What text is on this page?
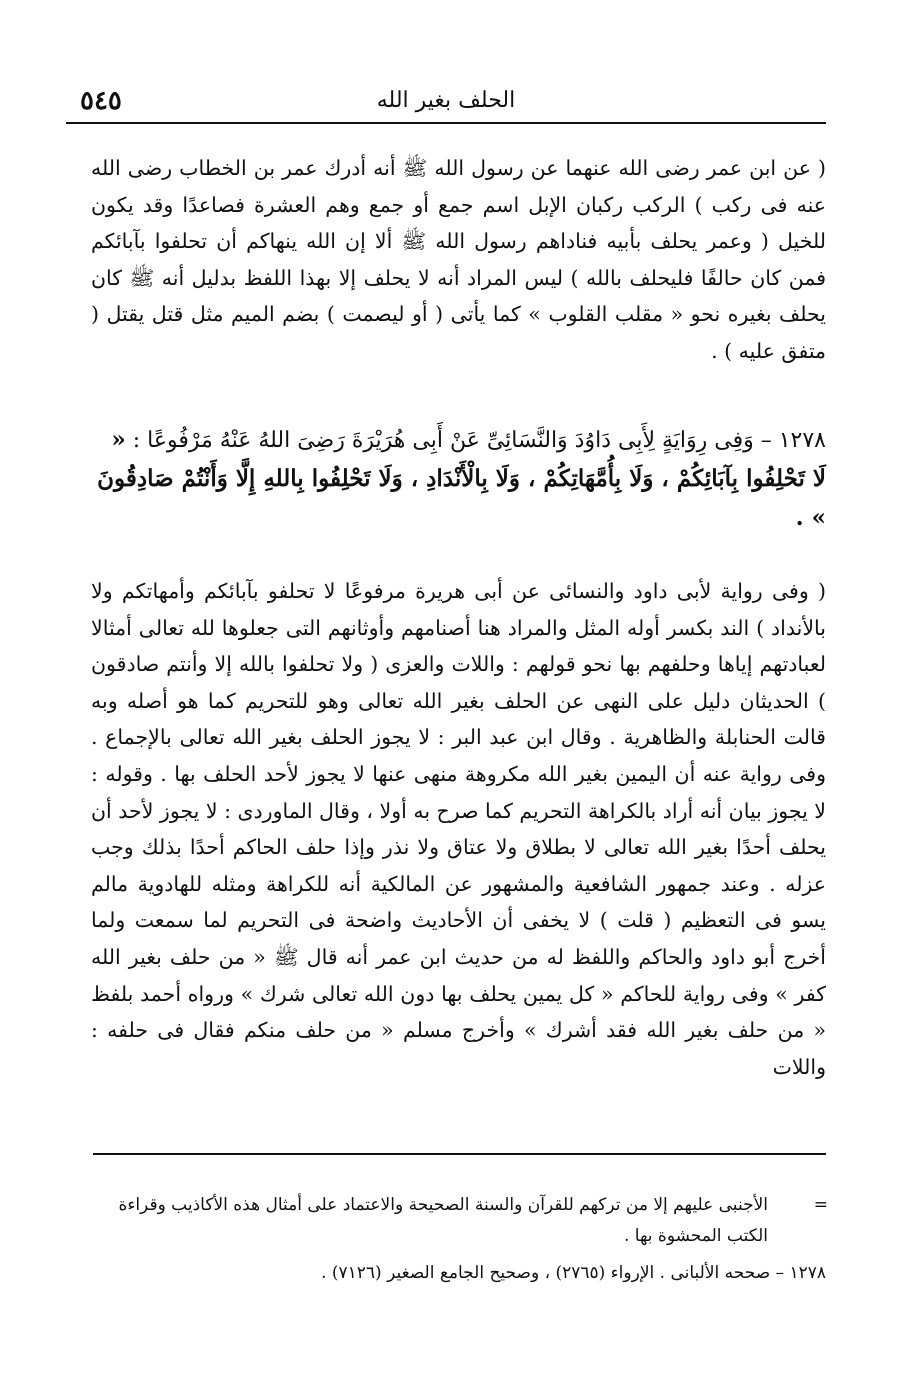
٥٤٥	الحلف بغير الله
( عن ابن عمر رضى الله عنهما عن رسول الله ﷺ أنه أدرك عمر بن الخطاب رضى الله عنه فى ركب ) الركب ركبان الإبل اسم جمع أو جمع وهم العشرة فصاعدًا وقد يكون للخيل ( وعمر يحلف بأبيه فناداهم رسول الله ﷺ ألا إن الله ينهاكم أن تحلفوا بآبائكم فمن كان حالفًا فليحلف بالله ) ليس المراد أنه لا يحلف إلا بهذا اللفظ بدليل أنه ﷺ كان يحلف بغيره نحو « مقلب القلوب » كما يأتى ( أو ليصمت ) بضم الميم مثل قتل يقتل ( متفق عليه ) .
١٢٧٨ – وَفِى رِوَايَةٍ لِأَبِى دَاوُدَ وَالنَّسَائِىِّ عَنْ أَبِى هُرَيْرَةَ رَضِىَ اللهُ عَنْهُ مَرْفُوعًا : « لَا تَحْلِفُوا بِآبَائِكُمْ ، وَلَا بِأُمَّهَاتِكُمْ ، وَلَا بِالْأَنْدَادِ ، وَلَا تَحْلِفُوا بِاللهِ إِلَّا وَأَنْتُمْ صَادِقُونَ » .
( وفى رواية لأبى داود والنسائى عن أبى هريرة مرفوعًا لا تحلفو بآبائكم وأمهاتكم ولا بالأنداد ) الند بكسر أوله المثل والمراد هنا أصنامهم وأوثانهم التى جعلوها لله تعالى أمثالا لعبادتهم إياها وحلفهم بها نحو قولهم : واللات والعزى ( ولا تحلفوا بالله إلا وأنتم صادقون ) الحديثان دليل على النهى عن الحلف بغير الله تعالى وهو للتحريم كما هو أصله وبه قالت الحنابلة والظاهرية . وقال ابن عبد البر : لا يجوز الحلف بغير الله تعالى بالإجماع . وفى رواية عنه أن اليمين بغير الله مكروهة منهى عنها لا يجوز لأحد الحلف بها . وقوله : لا يجوز بيان أنه أراد بالكراهة التحريم كما صرح به أولا ، وقال الماوردى : لا يجوز لأحد أن يحلف أحدًا بغير الله تعالى لا بطلاق ولا عتاق ولا نذر وإذا حلف الحاكم أحدًا بذلك وجب عزله . وعند جمهور الشافعية والمشهور عن المالكية أنه للكراهة ومثله للهادوية مالم يسو فى التعظيم ( قلت ) لا يخفى أن الأحاديث واضحة فى التحريم لما سمعت ولما أخرج أبو داود والحاكم واللفظ له من حديث ابن عمر أنه قال ﷺ « من حلف بغير الله كفر » وفى رواية للحاكم « كل يمين يحلف بها دون الله تعالى شرك » ورواه أحمد بلفظ « من حلف بغير الله فقد أشرك » وأخرج مسلم « من حلف منكم فقال فى حلفه : واللات
=
الأجنبى عليهم إلا من تركهم للقرآن والسنة الصحيحة والاعتماد على أمثال هذه الأكاذيب وقراءة الكتب المحشوة بها .
١٢٧٨ – صححه الألبانى . الإرواء (٢٧٦٥) ، وصحيح الجامع الصغير (٧١٢٦) .
